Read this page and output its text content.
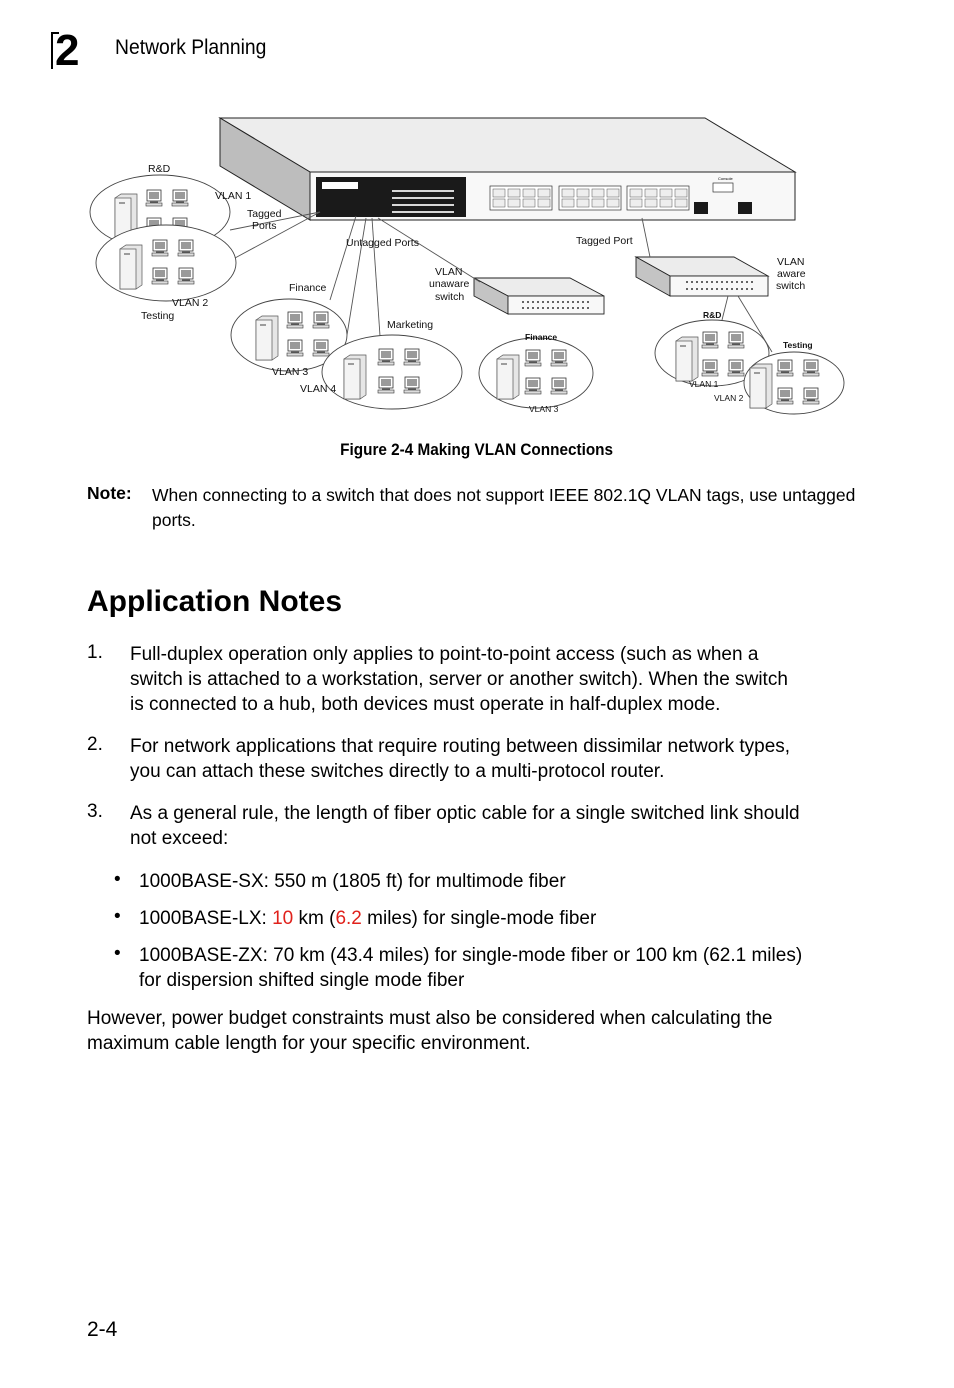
2 Network Planning
Console
R&D
VLAN 1
Tagged
Ports
VLAN 2
Testing
Untagged Ports	Tagged Port
Finance
VLAN
unaware
switch
VLAN
aware
switch
Marketing
VLAN 3
VLAN 4
Finance
VLAN 3
R&D
Testing
VLAN 1
VLAN 2
Figure 2-4 Making VLAN Connections
Note: When connecting to a switch that does not support IEEE 802.1Q VLAN tags, use untagged ports.
Application Notes
1. Full-duplex operation only applies to point-to-point access (such as when a
switch is attached to a workstation, server or another switch). When the switch
is connected to a hub, both devices must operate in half-duplex mode.
2. For network applications that require routing between dissimilar network types,
you can attach these switches directly to a multi-protocol router.
3. As a general rule, the length of fiber optic cable for a single switched link should
not exceed:
• 1000BASE-SX: 550 m (1805 ft) for multimode fiber
• 1000BASE-LX: 10 km (6.2 miles) for single-mode fiber
• 1000BASE-ZX: 70 km (43.4 miles) for single-mode fiber or 100 km (62.1 miles)
for dispersion shifted single mode fiber
However, power budget constraints must also be considered when calculating the
maximum cable length for your specific environment.
2-4
